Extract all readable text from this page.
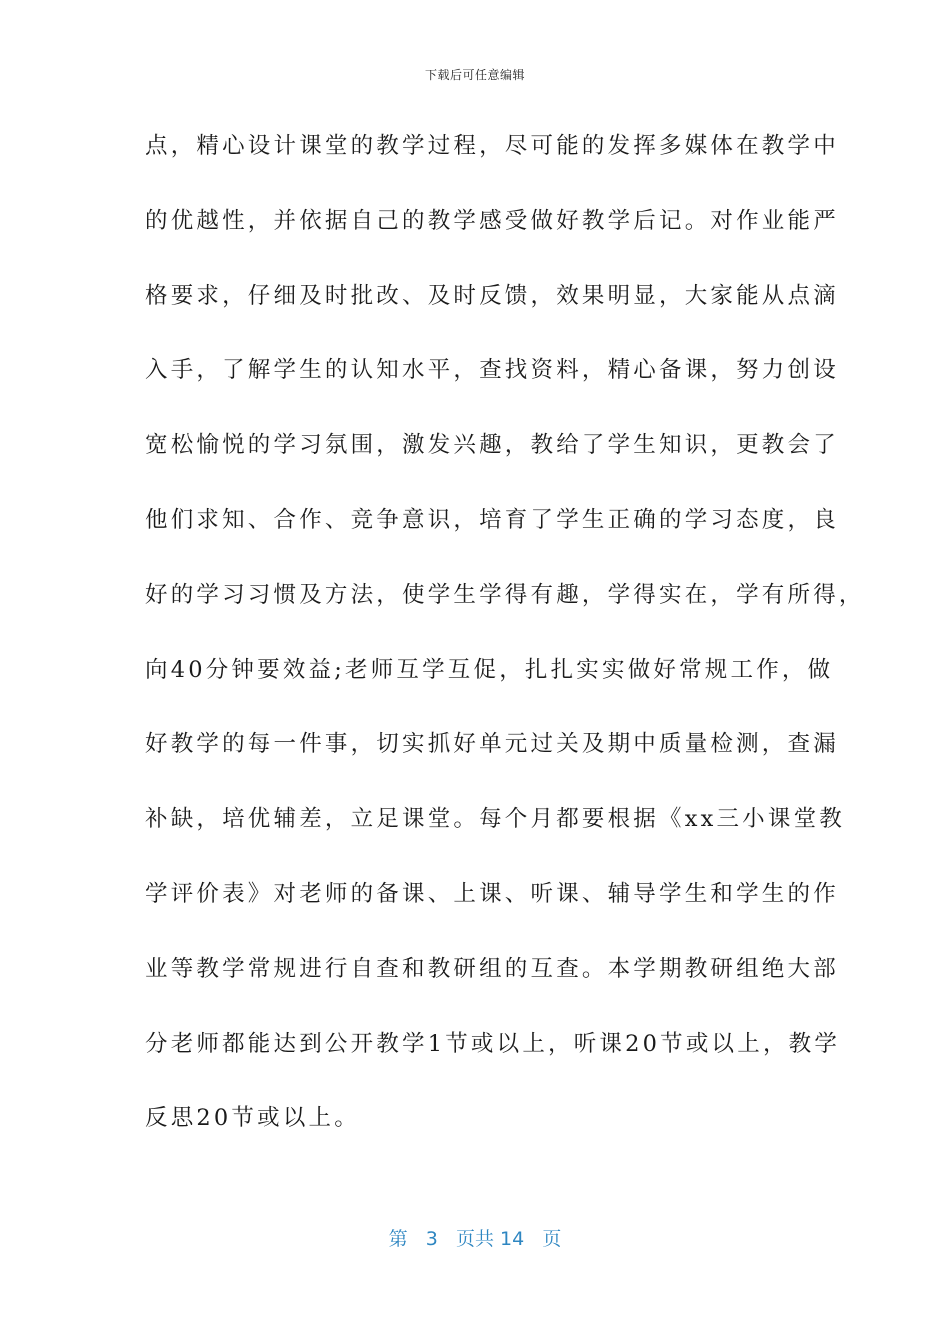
下载后可任意编辑
点，精心设计课堂的教学过程，尽可能的发挥多媒体在教学中
的优越性，并依据自己的教学感受做好教学后记。对作业能严
格要求，仔细及时批改、及时反馈，效果明显，大家能从点滴
入手，了解学生的认知水平，查找资料，精心备课，努力创设
宽松愉悦的学习氛围，激发兴趣，教给了学生知识，更教会了
他们求知、合作、竞争意识，培育了学生正确的学习态度，良
好的学习习惯及方法，使学生学得有趣，学得实在，学有所得，
向40分钟要效益;老师互学互促，扎扎实实做好常规工作，做
好教学的每一件事，切实抓好单元过关及期中质量检测，查漏
补缺，培优辅差，立足课堂。每个月都要根据《xx三小课堂教
学评价表》对老师的备课、上课、听课、辅导学生和学生的作
业等教学常规进行自查和教研组的互查。本学期教研组绝大部
分老师都能达到公开教学1节或以上，听课20节或以上，教学
反思20节或以上。
第 3 页共 14 页
